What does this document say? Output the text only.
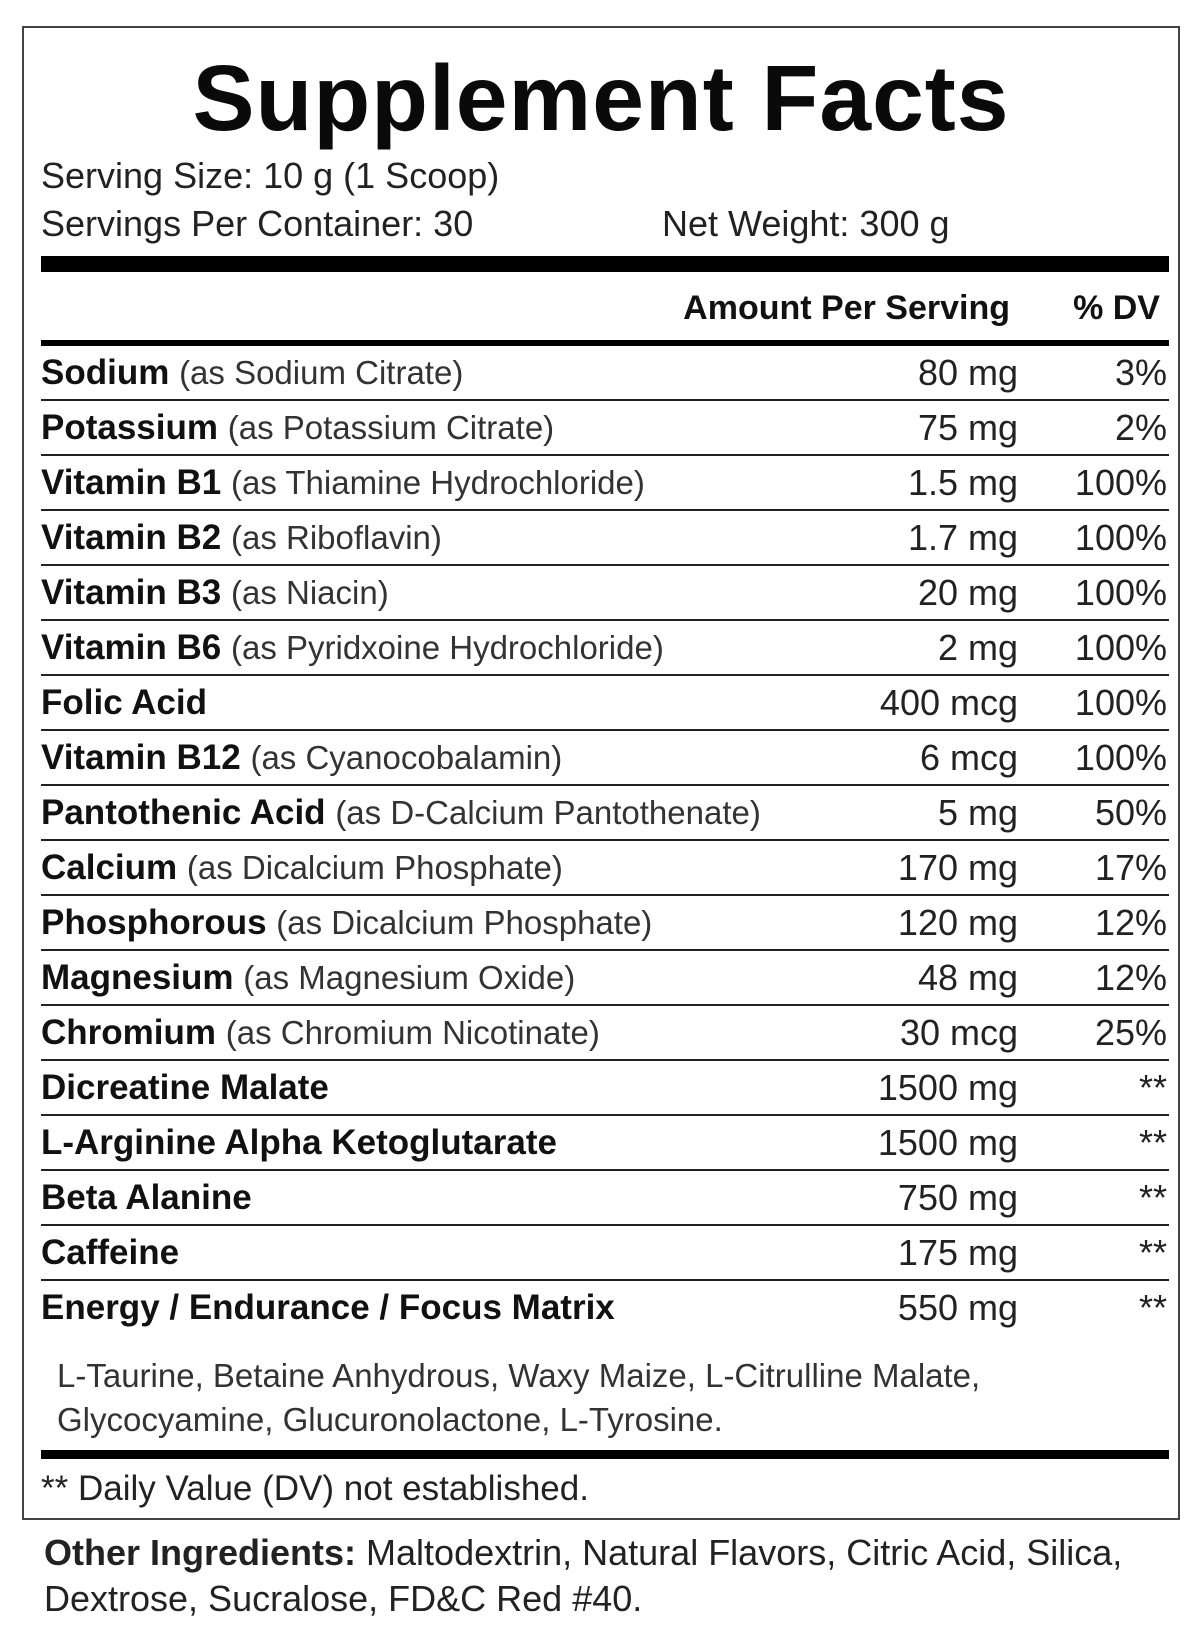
Supplement Facts
Serving Size: 10 g (1 Scoop)
Servings Per Container: 30	Net Weight: 300 g
Amount Per Serving % DV
Sodium (as Sodium Citrate)	80 mg	3%
Potassium (as Potassium Citrate)	75 mg	2%
Vitamin B1 (as Thiamine Hydrochloride)	1.5 mg 100%
Vitamin B2 (as Riboflavin)	1.7 mg 100%
Vitamin B3 (as Niacin)	20 mg 100%
Vitamin B6 (as Pyridxoine Hydrochloride)	2 mg 100%
Folic Acid	400 mcg 100%
Vitamin B12 (as Cyanocobalamin)	6 mcg 100%
Pantothenic Acid (as D-Calcium Pantothenate)	5 mg 50%
Calcium (as Dicalcium Phosphate)	170 mg 17%
Phosphorous (as Dicalcium Phosphate)	120 mg 12%
Magnesium (as Magnesium Oxide)	48 mg 12%
Chromium (as Chromium Nicotinate)	30 mcg 25%
Dicreatine Malate	1500 mg	**
L-Arginine Alpha Ketoglutarate	1500 mg	**
Beta Alanine	750 mg	**
Caffeine	175 mg	**
Energy / Endurance / Focus Matrix	550 mg	**
L-Taurine, Betaine Anhydrous, Waxy Maize, L-Citrulline Malate, Glycocyamine, Glucuronolactone, L-Tyrosine.
** Daily Value (DV) not established.
Other Ingredients: Maltodextrin, Natural Flavors, Citric Acid, Silica, Dextrose, Sucralose, FD&C Red #40.
